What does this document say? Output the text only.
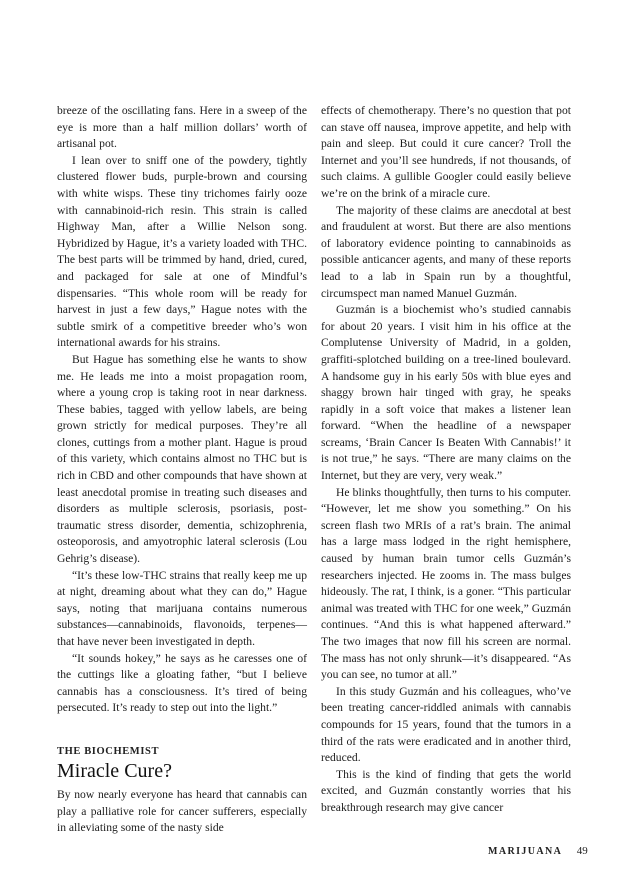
breeze of the oscillating fans. Here in a sweep of the eye is more than a half million dollars’ worth of artisanal pot.

I lean over to sniff one of the powdery, tightly clustered flower buds, purple-brown and coursing with white wisps. These tiny trichomes fairly ooze with cannabinoid-rich resin. This strain is called Highway Man, after a Willie Nelson song. Hybridized by Hague, it’s a variety loaded with THC. The best parts will be trimmed by hand, dried, cured, and packaged for sale at one of Mindful’s dispensaries. “This whole room will be ready for harvest in just a few days,” Hague notes with the subtle smirk of a competitive breeder who’s won international awards for his strains.

But Hague has something else he wants to show me. He leads me into a moist propagation room, where a young crop is taking root in near darkness. These babies, tagged with yellow labels, are being grown strictly for medical purposes. They’re all clones, cuttings from a mother plant. Hague is proud of this variety, which contains almost no THC but is rich in CBD and other compounds that have shown at least anecdotal promise in treating such diseases and disorders as multiple sclerosis, psoriasis, post-traumatic stress disorder, dementia, schizophrenia, osteoporosis, and amyotrophic lateral sclerosis (Lou Gehrig’s disease).

“It’s these low-THC strains that really keep me up at night, dreaming about what they can do,” Hague says, noting that marijuana contains numerous substances—cannabinoids, flavonoids, terpenes—that have never been investigated in depth.

“It sounds hokey,” he says as he caresses one of the cuttings like a gloating father, “but I believe cannabis has a consciousness. It’s tired of being persecuted. It’s ready to step out into the light.”

THE BIOCHEMIST
Miracle Cure?

By now nearly everyone has heard that cannabis can play a palliative role for cancer sufferers, especially in alleviating some of the nasty side

effects of chemotherapy. There’s no question that pot can stave off nausea, improve appetite, and help with pain and sleep. But could it cure cancer? Troll the Internet and you’ll see hundreds, if not thousands, of such claims. A gullible Googler could easily believe we’re on the brink of a miracle cure.

The majority of these claims are anecdotal at best and fraudulent at worst. But there are also mentions of laboratory evidence pointing to cannabinoids as possible anticancer agents, and many of these reports lead to a lab in Spain run by a thoughtful, circumspect man named Manuel Guzmán.

Guzmán is a biochemist who’s studied cannabis for about 20 years. I visit him in his office at the Complutense University of Madrid, in a golden, graffiti-splotched building on a tree-lined boulevard. A handsome guy in his early 50s with blue eyes and shaggy brown hair tinged with gray, he speaks rapidly in a soft voice that makes a listener lean forward. “When the headline of a newspaper screams, ‘Brain Cancer Is Beaten With Cannabis!’ it is not true,” he says. “There are many claims on the Internet, but they are very, very weak.”

He blinks thoughtfully, then turns to his computer. “However, let me show you something.” On his screen flash two MRIs of a rat’s brain. The animal has a large mass lodged in the right hemisphere, caused by human brain tumor cells Guzmán’s researchers injected. He zooms in. The mass bulges hideously. The rat, I think, is a goner. “This particular animal was treated with THC for one week,” Guzmán continues. “And this is what happened afterward.” The two images that now fill his screen are normal. The mass has not only shrunk—it’s disappeared. “As you can see, no tumor at all.”

In this study Guzmán and his colleagues, who’ve been treating cancer-riddled animals with cannabis compounds for 15 years, found that the tumors in a third of the rats were eradicated and in another third, reduced.

This is the kind of finding that gets the world excited, and Guzmán constantly worries that his breakthrough research may give cancer

MARIJUANA 49
